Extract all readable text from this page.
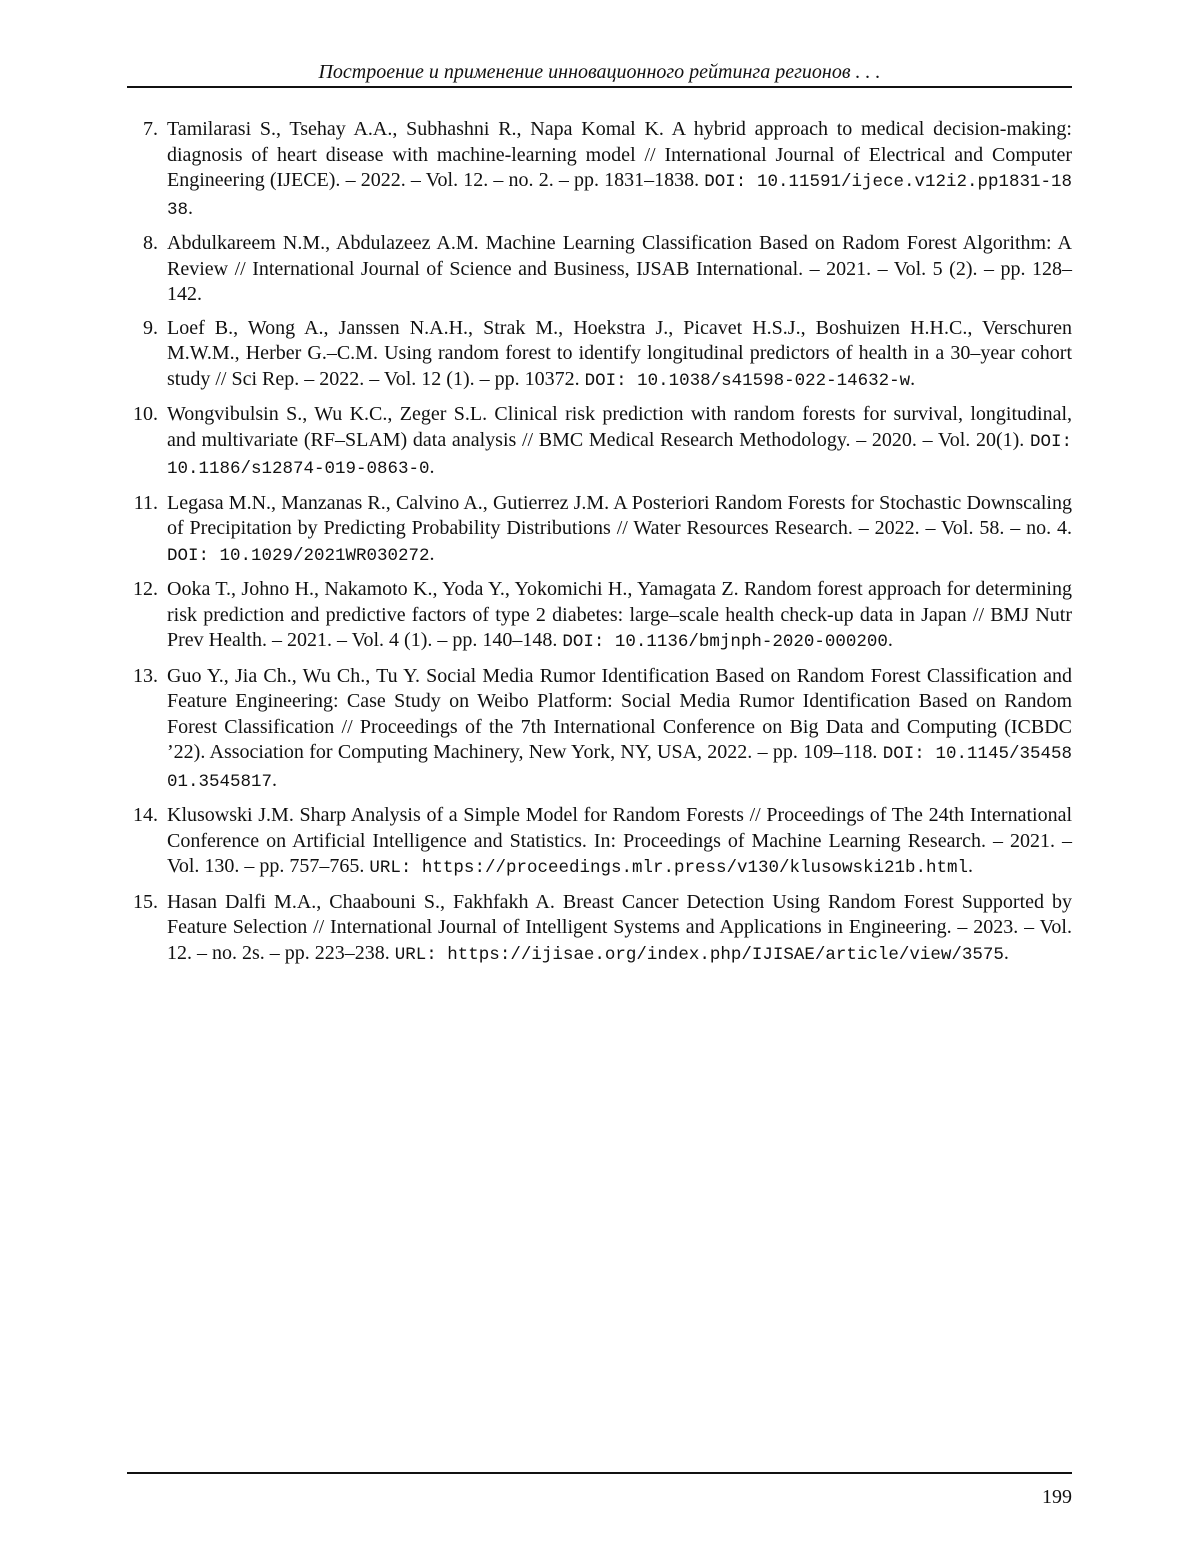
Построение и применение инновационного рейтинга регионов . . .
7. Tamilarasi S., Tsehay A.A., Subhashni R., Napa Komal K. A hybrid approach to medical decision-making: diagnosis of heart disease with machine-learning model // International Journal of Electrical and Computer Engineering (IJECE). – 2022. – Vol. 12. – no. 2. – pp. 1831–1838. DOI: 10.11591/ijece.v12i2.pp1831-1838.
8. Abdulkareem N.M., Abdulazeez A.M. Machine Learning Classification Based on Radom Forest Algorithm: A Review // International Journal of Science and Business, IJSAB International. – 2021. – Vol. 5 (2). – pp. 128–142.
9. Loef B., Wong A., Janssen N.A.H., Strak M., Hoekstra J., Picavet H.S.J., Boshuizen H.H.C., Verschuren M.W.M., Herber G.–C.M. Using random forest to identify longitudinal predictors of health in a 30–year cohort study // Sci Rep. – 2022. – Vol. 12 (1). – pp. 10372. DOI: 10.1038/s41598-022-14632-w.
10. Wongvibulsin S., Wu K.C., Zeger S.L. Clinical risk prediction with random forests for survival, longitudinal, and multivariate (RF–SLAM) data analysis // BMC Medical Research Methodology. – 2020. – Vol. 20(1). DOI: 10.1186/s12874-019-0863-0.
11. Legasa M.N., Manzanas R., Calvino A., Gutierrez J.M. A Posteriori Random Forests for Stochastic Downscaling of Precipitation by Predicting Probability Distributions // Water Resources Research. – 2022. – Vol. 58. – no. 4. DOI: 10.1029/2021WR030272.
12. Ooka T., Johno H., Nakamoto K., Yoda Y., Yokomichi H., Yamagata Z. Random forest approach for determining risk prediction and predictive factors of type 2 diabetes: large–scale health check-up data in Japan // BMJ Nutr Prev Health. – 2021. – Vol. 4 (1). – pp. 140–148. DOI: 10.1136/bmjnph-2020-000200.
13. Guo Y., Jia Ch., Wu Ch., Tu Y. Social Media Rumor Identification Based on Random Forest Classification and Feature Engineering: Case Study on Weibo Platform: Social Media Rumor Identification Based on Random Forest Classification // Proceedings of the 7th International Conference on Big Data and Computing (ICBDC ’22). Association for Computing Machinery, New York, NY, USA, 2022. – pp. 109–118. DOI: 10.1145/3545801.3545817.
14. Klusowski J.M. Sharp Analysis of a Simple Model for Random Forests // Proceedings of The 24th International Conference on Artificial Intelligence and Statistics. In: Proceedings of Machine Learning Research. – 2021. – Vol. 130. – pp. 757–765. URL: https://proceedings.mlr.press/v130/klusowski21b.html.
15. Hasan Dalfi M.A., Chaabouni S., Fakhfakh A. Breast Cancer Detection Using Random Forest Supported by Feature Selection // International Journal of Intelligent Systems and Applications in Engineering. – 2023. – Vol. 12. – no. 2s. – pp. 223–238. URL: https://ijisae.org/index.php/IJISAE/article/view/3575.
199
